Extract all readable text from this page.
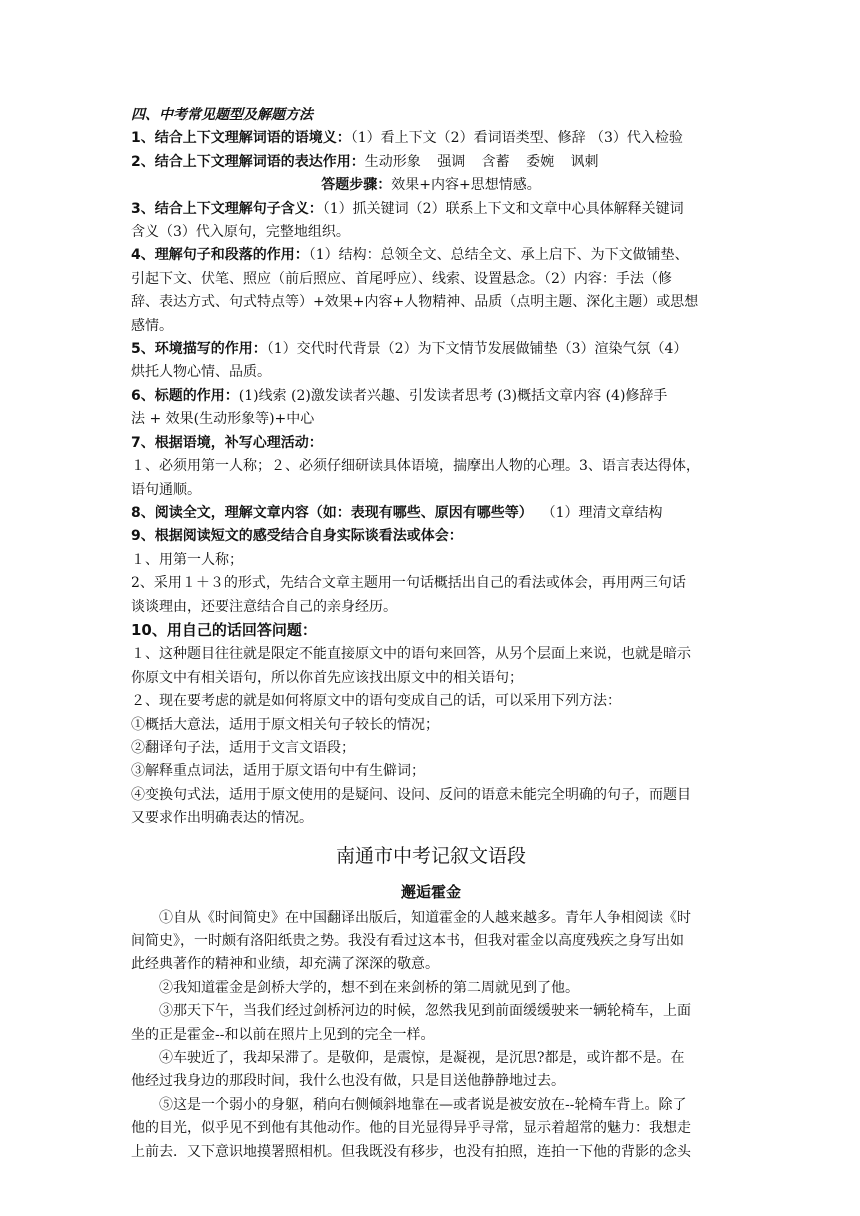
四、中考常见题型及解题方法
1、结合上下文理解词语的语境义：（1）看上下文（2）看词语类型、修辞 （3）代入检验
2、结合上下文理解词语的表达作用：生动形象 强调 含蓄 委婉 讽刺
答题步骤：效果+内容+思想情感。
3、结合上下文理解句子含义：（1）抓关键词（2）联系上下文和文章中心具体解释关键词
含义（3）代入原句，完整地组织。
4、理解句子和段落的作用：（1）结构：总领全文、总结全文、承上启下、为下文做铺垫、
引起下文、伏笔、照应（前后照应、首尾呼应）、线索、设置悬念。（2）内容：手法（修
辞、表达方式、句式特点等）+效果+内容+人物精神、品质（点明主题、深化主题）或思想
感情。
5、环境描写的作用：（1）交代时代背景（2）为下文情节发展做铺垫（3）渲染气氛（4）
烘托人物心情、品质。
6、标题的作用：(1)线索 (2)激发读者兴趣、引发读者思考 (3)概括文章内容 (4)修辞手
法 + 效果(生动形象等)+中心
7、根据语境，补写心理活动：
１、必须用第一人称；２、必须仔细研读具体语境，揣摩出人物的心理。3、语言表达得体，
语句通顺。
8、阅读全文，理解文章内容（如：表现有哪些、原因有哪些等）  （1）理清文章结构
9、根据阅读短文的感受结合自身实际谈看法或体会：
１、用第一人称；
2、采用１＋３的形式，先结合文章主题用一句话概括出自己的看法或体会，再用两三句话
谈谈理由，还要注意结合自己的亲身经历。
10、用自己的话回答问题：
１、这种题目往往就是限定不能直接原文中的语句来回答，从另个层面上来说，也就是暗示
你原文中有相关语句，所以你首先应该找出原文中的相关语句；
２、现在要考虑的就是如何将原文中的语句变成自己的话，可以采用下列方法：
①概括大意法，适用于原文相关句子较长的情况；
②翻译句子法，适用于文言文语段；
③解释重点词法，适用于原文语句中有生僻词；
④变换句式法，适用于原文使用的是疑问、设问、反问的语意未能完全明确的句子，而题目
又要求作出明确表达的情况。
南通市中考记叙文语段
邂逅霍金
①自从《时间简史》在中国翻译出版后，知道霍金的人越来越多。青年人争相阅读《时
间简史》，一时颇有洛阳纸贵之势。我没有看过这本书，但我对霍金以高度残疾之身写出如
此经典著作的精神和业绩，却充满了深深的敬意。
②我知道霍金是剑桥大学的，想不到在来剑桥的第二周就见到了他。
③那天下午，当我们经过剑桥河边的时候，忽然我见到前面缓缓驶来一辆轮椅车，上面
坐的正是霍金--和以前在照片上见到的完全一样。
④车驶近了，我却呆滞了。是敬仰，是震惊，是凝视，是沉思?都是，或许都不是。在
他经过我身边的那段时间，我什么也没有做，只是目送他静静地过去。
⑤这是一个弱小的身躯，稍向右侧倾斜地靠在—或者说是被安放在--轮椅车背上。除了
他的目光，似乎见不到他有其他动作。他的目光显得异乎寻常，显示着超常的魅力：我想走
上前去．又下意识地摸署照相机。但我既没有移步，也没有拍照，连拍一下他的背影的念头
